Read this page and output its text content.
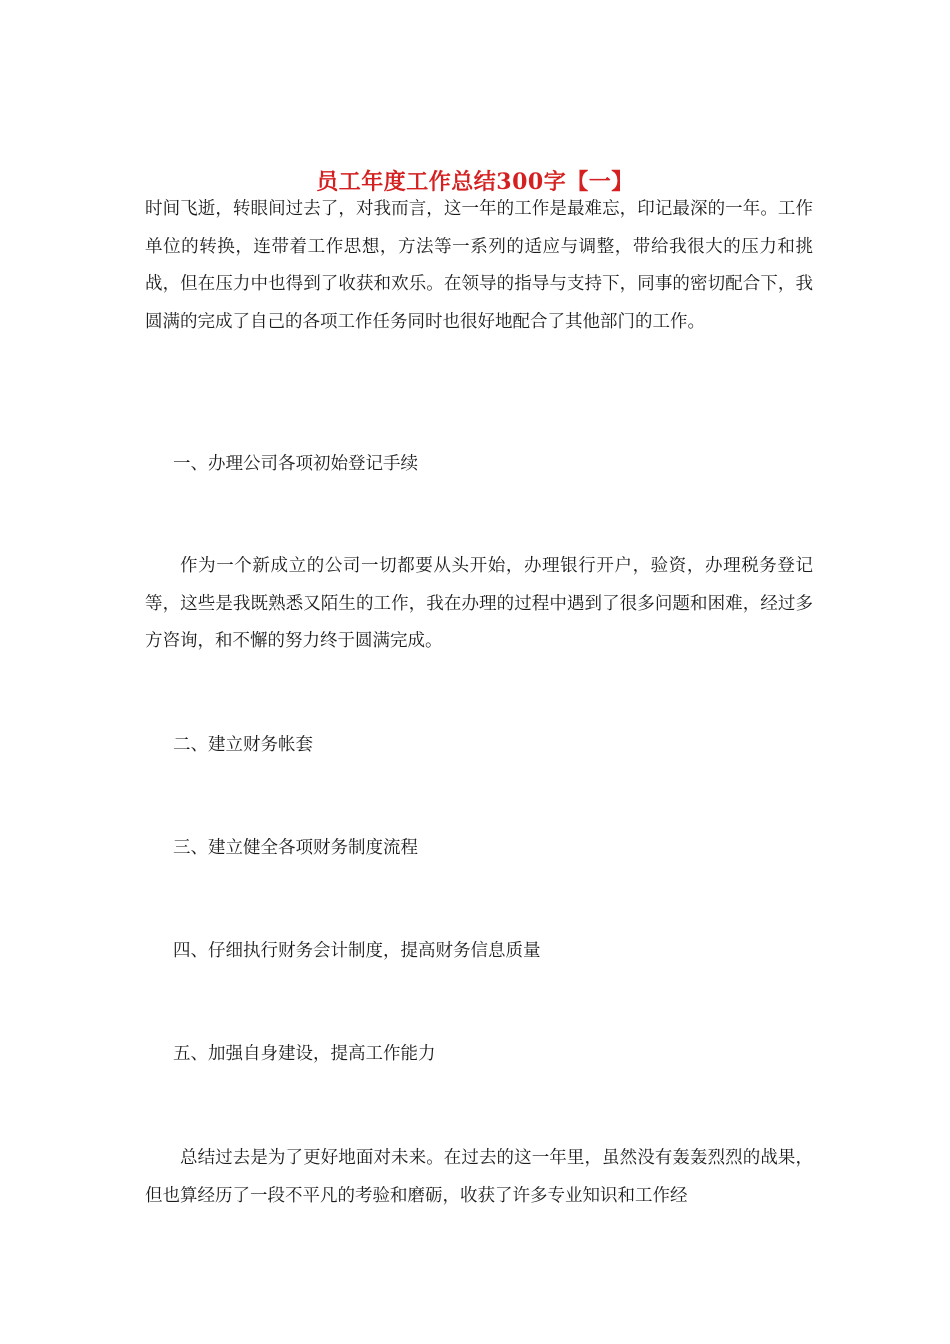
员工年度工作总结300字【一】

时间飞逝，转眼间过去了，对我而言，这一年的工作是最难忘，印记最深的一年。工作单位的转换，连带着工作思想，方法等一系列的适应与调整，带给我很大的压力和挑战，但在压力中也得到了收获和欢乐。在领导的指导与支持下，同事的密切配合下，我圆满的完成了自己的各项工作任务同时也很好地配合了其他部门的工作。

一、办理公司各项初始登记手续

作为一个新成立的公司一切都要从头开始，办理银行开户，验资，办理税务登记等，这些是我既熟悉又陌生的工作，我在办理的过程中遇到了很多问题和困难，经过多方咨询，和不懈的努力终于圆满完成。

二、建立财务帐套

三、建立健全各项财务制度流程

四、仔细执行财务会计制度，提高财务信息质量

五、加强自身建设，提高工作能力

总结过去是为了更好地面对未来。在过去的这一年里，虽然没有轰轰烈烈的战果，但也算经历了一段不平凡的考验和磨砺，收获了许多专业知识和工作经
